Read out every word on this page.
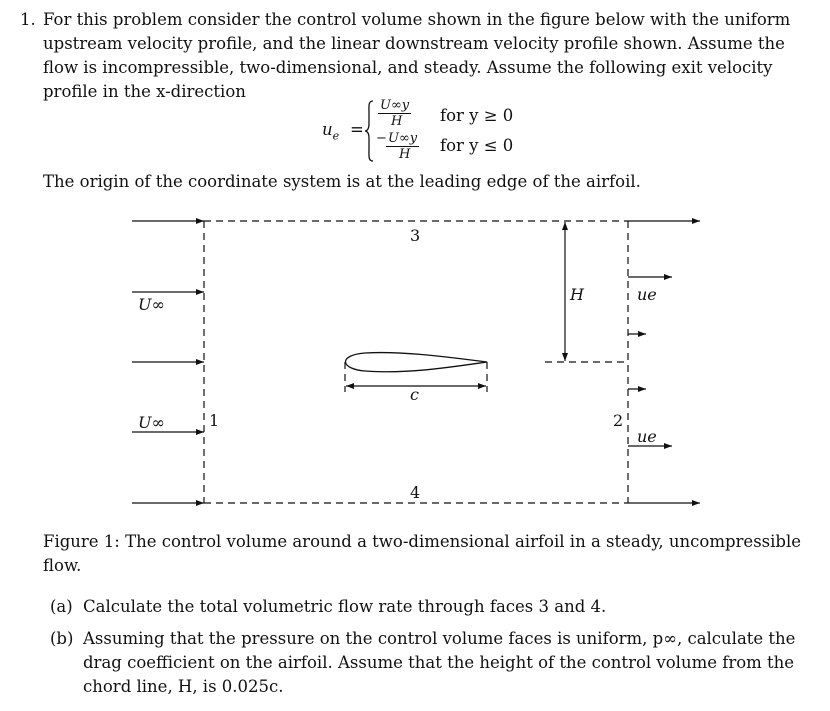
1. For this problem consider the control volume shown in the figure below with the uniform
upstream velocity profile, and the linear downstream velocity profile shown. Assume the
flow is incompressible, two-dimensional, and steady. Assume the following exit velocity
profile in the x-direction
$u_e$ =
U∞y
H for y ≥ 0
− U∞y
H for y ≤ 0
The origin of the coordinate system is at the leading edge of the airfoil.
3
4
1	2
U∞
U∞
H
c
ue
ue
Figure 1: The control volume around a two-dimensional airfoil in a steady, uncompressible
flow.
(a) Calculate the total volumetric flow rate through faces 3 and 4.
(b) Assuming that the pressure on the control volume faces is uniform, p∞, calculate the
drag coefficient on the airfoil. Assume that the height of the control volume from the
chord line, H, is 0.025c.
